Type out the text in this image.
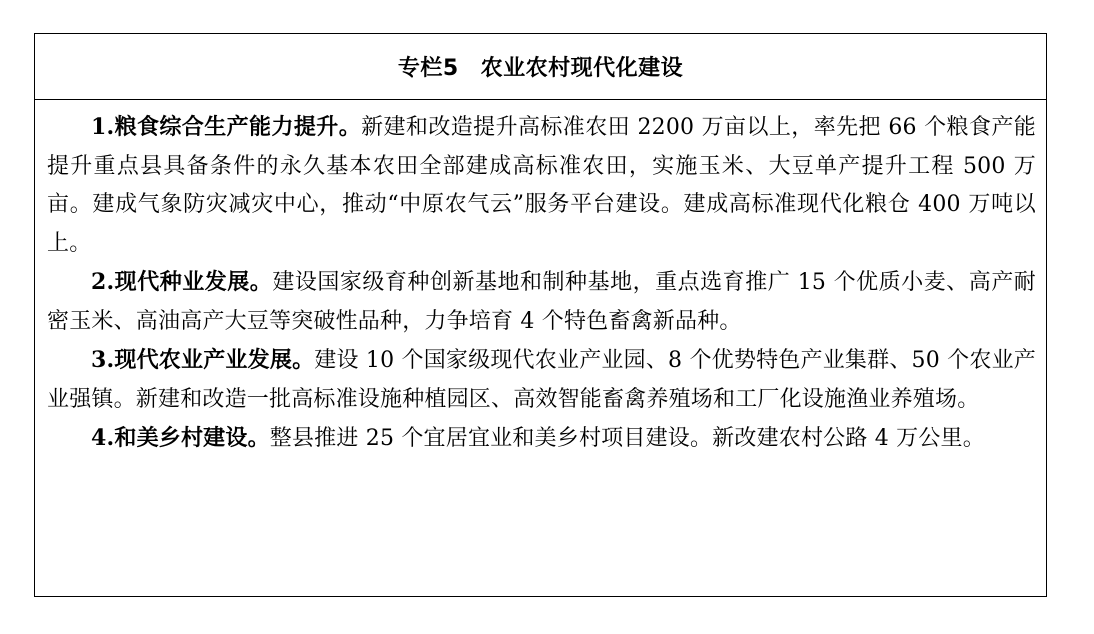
专栏5 农业农村现代化建设

1.粮食综合生产能力提升。新建和改造提升高标准农田 2200 万亩以上，率先把 66 个粮食产能提升重点县具备条件的永久基本农田全部建成高标准农田，实施玉米、大豆单产提升工程 500 万亩。建成气象防灾减灾中心，推动“中原农气云”服务平台建设。建成高标准现代化粮仓 400 万吨以上。

2.现代种业发展。建设国家级育种创新基地和制种基地，重点选育推广 15 个优质小麦、高产耐密玉米、高油高产大豆等突破性品种，力争培育 4 个特色畜禽新品种。

3.现代农业产业发展。建设 10 个国家级现代农业产业园、8 个优势特色产业集群、50 个农业产业强镇。新建和改造一批高标准设施种植园区、高效智能畜禽养殖场和工厂化设施渔业养殖场。

4.和美乡村建设。整县推进 25 个宜居宜业和美乡村项目建设。新改建农村公路 4 万公里。
